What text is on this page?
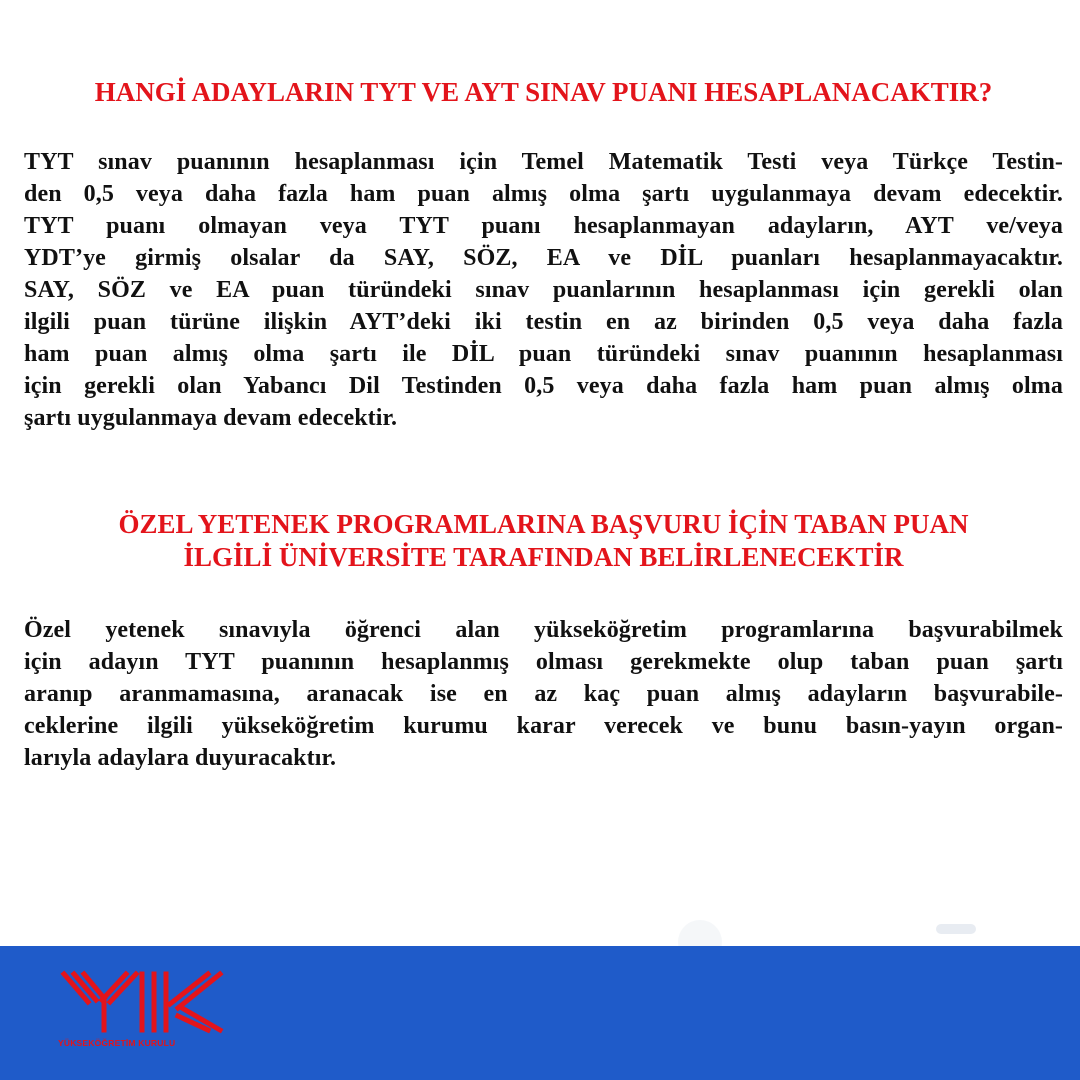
HANGİ ADAYLARIN TYT VE AYT SINAV PUANI HESAPLANACAKTIR?
TYT sınav puanının hesaplanması için Temel Matematik Testi veya Türkçe Testin-
den 0,5 veya daha fazla ham puan almış olma şartı uygulanmaya devam edecektir.
TYT puanı olmayan veya TYT puanı hesaplanmayan adayların, AYT ve/veya
YDT’ye girmiş olsalar da SAY, SÖZ, EA ve DİL puanları hesaplanmayacaktır.
SAY, SÖZ ve EA puan türündeki sınav puanlarının hesaplanması için gerekli olan
ilgili puan türüne ilişkin AYT’deki iki testin en az birinden 0,5 veya daha fazla
ham puan almış olma şartı ile DİL puan türündeki sınav puanının hesaplanması
için gerekli olan Yabancı Dil Testinden 0,5 veya daha fazla ham puan almış olma
şartı uygulanmaya devam edecektir.
ÖZEL YETENEK PROGRAMLARINA BAŞVURU İÇİN TABAN PUAN
İLGİLİ ÜNİVERSİTE TARAFINDAN BELİRLENECEKTİR
Özel yetenek sınavıyla öğrenci alan yükseköğretim programlarına başvurabilmek
için adayın TYT puanının hesaplanmış olması gerekmekte olup taban puan şartı
aranıp aranmamasına, aranacak ise en az kaç puan almış adayların başvurabile-
ceklerine ilgili yükseköğretim kurumu karar verecek ve bunu basın-yayın organ-
larıyla adaylara duyuracaktır.
YÜKSEKÖĞRETİM KURULU
